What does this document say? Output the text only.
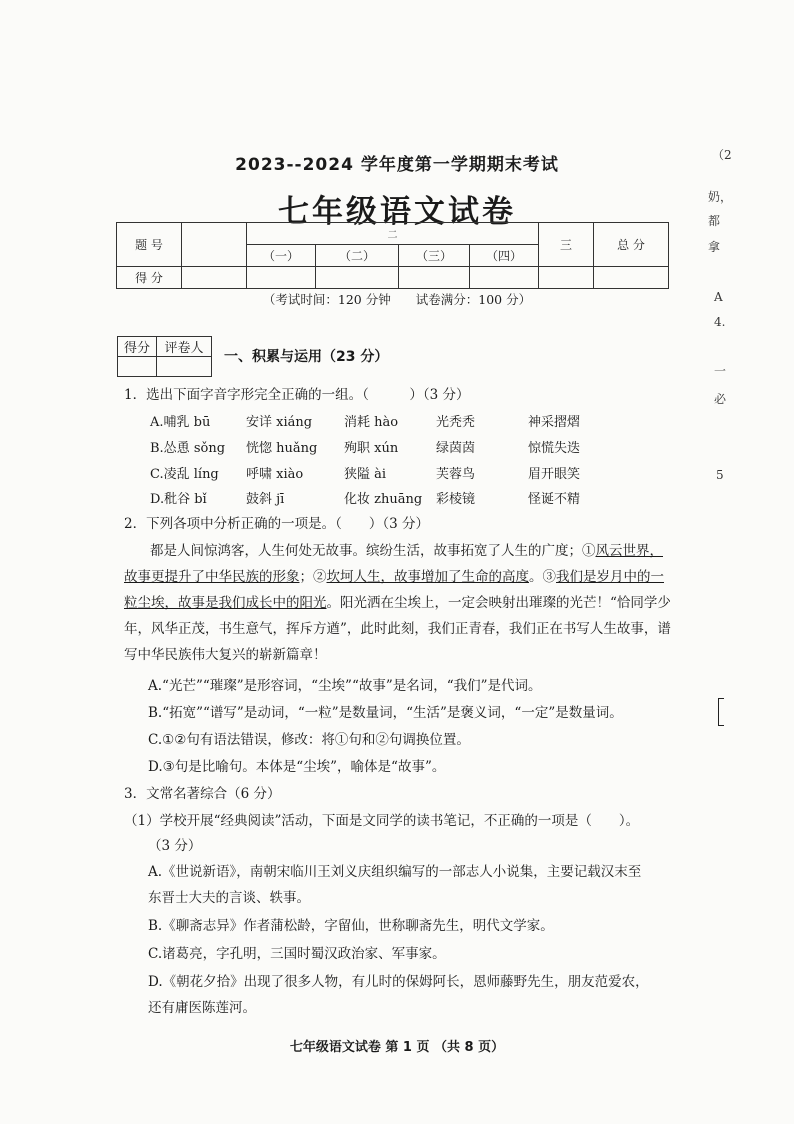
2023--2024 学年度第一学期期末考试
七年级语文试卷
题 号		二				三	总 分
		（一）	（二）	（三）	（四）		
得 分							
（考试时间：120 分钟　　试卷满分：100 分）
得分	评卷人

一、积累与运用（23 分）
1．选出下面字音字形完全正确的一组。（　　　）（3 分）
A.哺乳 bū	安详 xiáng 消耗 hào	光秃秃	神采摺熠
B.怂恿 sǒng 恍惚 huǎng 殉职 xún	绿茵茵	惊慌失迭
C.凌乱 líng 呼啸 xiào	狭隘 ài	芙蓉鸟	眉开眼笑
D.秕谷 bǐ	鼓斜 jī	化妆 zhuāng 彩棱镜	怪诞不精
2．下列各项中分析正确的一项是。（　　）（3 分）
都是人间惊鸿客，人生何处无故事。缤纷生活，故事拓宽了人生的广度；①风云世界，故事更提升了中华民族的形象；②坎坷人生，故事增加了生命的高度。③我们是岁月中的一粒尘埃，故事是我们成长中的阳光。阳光洒在尘埃上，一定会映射出璀璨的光芒！“恰同学少年，风华正茂，书生意气，挥斥方遒”，此时此刻，我们正青春，我们正在书写人生故事，谱写中华民族伟大复兴的崭新篇章！
A.“光芒”“璀璨”是形容词，“尘埃”“故事”是名词，“我们”是代词。
B.“拓宽”“谱写”是动词，“一粒”是数量词，“生活”是褒义词，“一定”是数量词。
C.①②句有语法错误，修改：将①句和②句调换位置。
D.③句是比喻句。本体是“尘埃”，喻体是“故事”。
3．文常名著综合（6 分）
（1）学校开展“经典阅读”活动，下面是文同学的读书笔记，不正确的一项是（　　）。
（3 分）
A.《世说新语》，南朝宋临川王刘义庆组织编写的一部志人小说集，主要记载汉末至
东晋士大夫的言谈、轶事。
B.《聊斋志异》作者蒲松龄，字留仙，世称聊斋先生，明代文学家。
C.诸葛亮，字孔明，三国时蜀汉政治家、军事家。
D.《朝花夕拾》出现了很多人物，有儿时的保姆阿长，恩师藤野先生，朋友范爱农，
还有庸医陈莲河。
（2
奶，
都
拿
A
4.
一
必
5
七年级语文试卷 第 1 页 （共 8 页）
